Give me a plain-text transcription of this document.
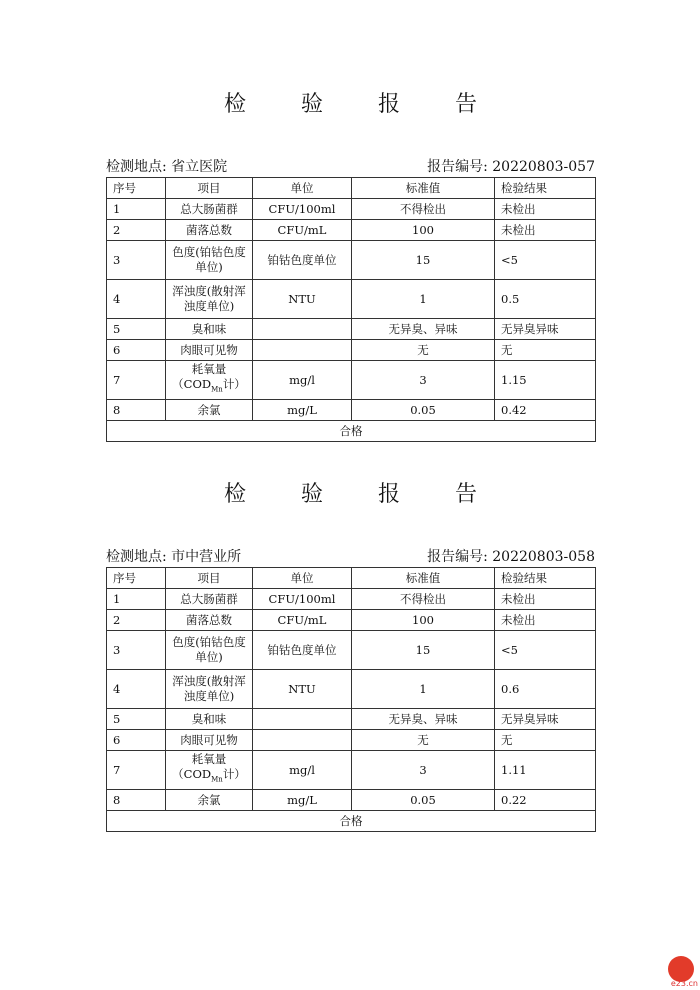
检 验 报 告
检测地点: 省立医院	报告编号: 20220803-057
序号	项目	单位	标准值	检验结果
1	总大肠菌群	CFU/100ml	不得检出	未检出
2	菌落总数	CFU/mL	100	未检出
3	色度(铂钴色度单位)	铂钴色度单位	15	<5
4	浑浊度(散射浑浊度单位)	NTU	1	0.5
5	臭和味		无异臭、异味	无异臭异味
6	肉眼可见物		无	无
7	耗氧量（$COD_{Mn}$计）	mg/l	3	1.15
8	余氯	mg/L	0.05	0.42
合格				
检 验 报 告
检测地点: 市中营业所	报告编号: 20220803-058
序号	项目	单位	标准值	检验结果
1	总大肠菌群	CFU/100ml	不得检出	未检出
2	菌落总数	CFU/mL	100	未检出
3	色度(铂钴色度单位)	铂钴色度单位	15	<5
4	浑浊度(散射浑浊度单位)	NTU	1	0.6
5	臭和味		无异臭、异味	无异臭异味
6	肉眼可见物		无	无
7	耗氧量（$COD_{Mn}$计）	mg/l	3	1.11
8	余氯	mg/L	0.05	0.22
合格				
e23.cn
